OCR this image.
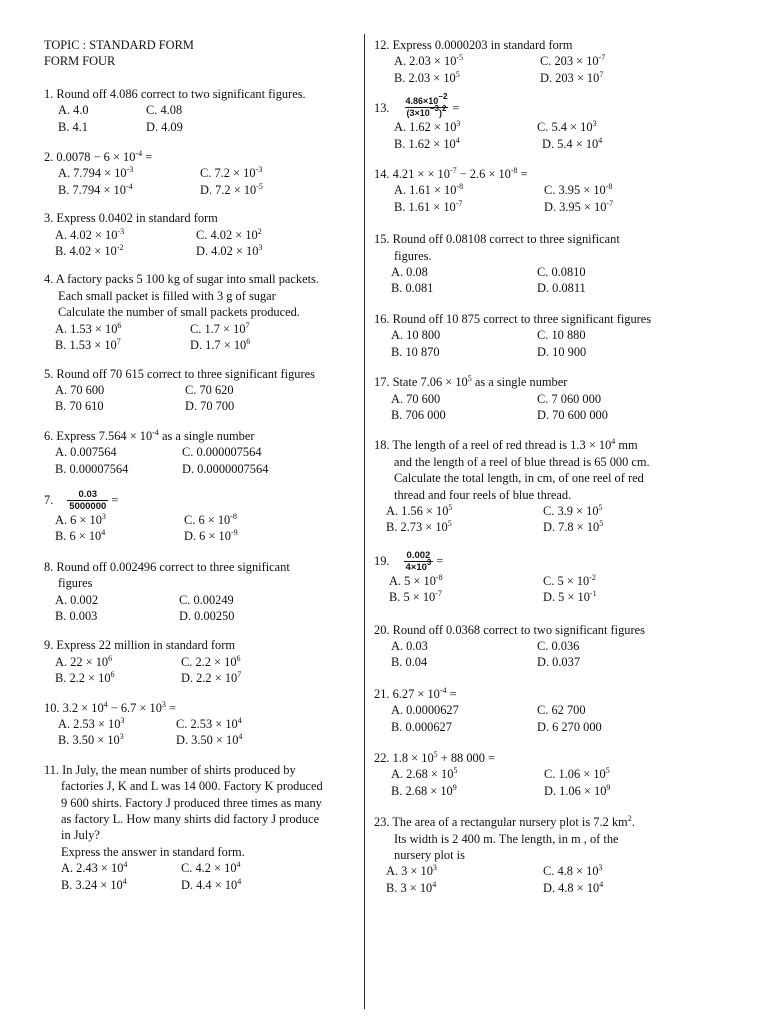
TOPIC : STANDARD FORM
FORM FOUR
1. Round off 4.086 correct to two significant figures.
A. 4.0	C. 4.08
B. 4.1	D. 4.09
2. $0.0078 - 6 \times 10^{-4}$ =
A. $7.794 \times 10^{-3}$	C. $7.2 \times 10^{-3}$
B. $7.794 \times 10^{-4}$	D. $7.2 \times 10^{-5}$
3. Express 0.0402 in standard form
A. $4.02 \times 10^{-3}$	C. $4.02 \times 10^2$
B. $4.02 \times 10^{-2}$	D. $4.02 \times 10^3$
4. A factory packs 5 100 kg of sugar into small packets.
Each small packet is filled with 3 g of sugar
Calculate the number of small packets produced.
A. $1.53 \times 10^6$	C. $1.7 \times 10^7$
B. $1.53 \times 10^7$	D. $1.7 \times 10^6$
5. Round off 70 615 correct to three significant figures
A. 70 600	C. 70 620
B. 70 610	D. 70 700
6. Express $7.564 \times 10^{-4}$ as a single number
A. 0.007564	C. 0.000007564
B. 0.00007564	D. 0.0000007564
7. $\frac{0.03}{5000000}$ =
A. $6 \times 10^3$	C. $6 \times 10^{-8}$
B. $6 \times 10^4$	D. $6 \times 10^{-9}$
8. Round off 0.002496 correct to three significant
figures
A. 0.002	C. 0.00249
B. 0.003	D. 0.00250
9. Express 22 million in standard form
A. $22 \times 10^6$	C. $2.2 \times 10^6$
B. $2.2 \times 10^6$	D. $2.2 \times 10^7$
10. $3.2 \times 10^4 - 6.7 \times 10^3$ =
A. $2.53 \times 10^3$	C. $2.53 \times 10^4$
B. $3.50 \times 10^3$	D. $3.50 \times 10^4$
11. In July, the mean number of shirts produced by
factories J, K and L was 14 000. Factory K produced
9 600 shirts. Factory J produced three times as many
as factory L. How many shirts did factory J produce
in July?
Express the answer in standard form.
A. $2.43 \times 10^4$	C. $4.2 \times 10^4$
B. $3.24 \times 10^4$	D. $4.4 \times 10^4$
12. Express 0.0000203 in standard form
A. $2.03 \times 10^{-5}$	C. $203 \times 10^{-7}$
B. $2.03 \times 10^5$	D. $203 \times 10^7$
13. $\frac{4.86\times 10^{-2}}{(3\times 10^{-3})^2}$ =
A. $1.62 \times 10^3$	C. $5.4 \times 10^3$
B. $1.62 \times 10^4$	D. $5.4 \times 10^4$
14. 4.21 × × $10^{-7} - 2.6 \times 10^{-8}$ =
A. $1.61 \times 10^{-8}$	C. $3.95 \times 10^{-8}$
B. $1.61 \times 10^{-7}$	D. $3.95 \times 10^{-7}$
15. Round off 0.08108 correct to three significant
figures.
A. 0.08	C. 0.0810
B. 0.081	D. 0.0811
16. Round off 10 875 correct to three significant figures
A. 10 800	C. 10 880
B. 10 870	D. 10 900
17. State $7.06 \times 10^5$ as a single number
A. 70 600	C. 7 060 000
B. 706 000	D. 70 600 000
18. The length of a reel of red thread is $1.3 \times 10^4$ mm
and the length of a reel of blue thread is 65 000 cm.
Calculate the total length, in cm, of one reel of red
thread and four reels of blue thread.
A. $1.56 \times 10^5$	C. $3.9 \times 10^5$
B. $2.73 \times 10^5$	D. $7.8 \times 10^5$
19. $\frac{0.002}{4\times 10^3}$ =
A. $5 \times 10^{-8}$	C. $5 \times 10^{-2}$
B. $5 \times 10^{-7}$	D. $5 \times 10^{-1}$
20. Round off 0.0368 correct to two significant figures
A. 0.03	C. 0.036
B. 0.04	D. 0.037
21. $6.27 \times 10^{-4}$ =
A. 0.0000627	C. 62 700
B. 0.000627	D. 6 270 000
22. $1.8 \times 10^5 + 88$ 000 =
A. $2.68 \times 10^5$	C. $1.06 \times 10^5$
B. $2.68 \times 10^9$	D. $1.06 \times 10^9$
23. The area of a rectangular nursery plot is 7.2 $km^2$.
Its width is 2 400 m. The length, in m , of the
nursery plot is
A. $3 \times 10^3$	C. $4.8 \times 10^3$
B. $3 \times 10^4$	D. $4.8 \times 10^4$
